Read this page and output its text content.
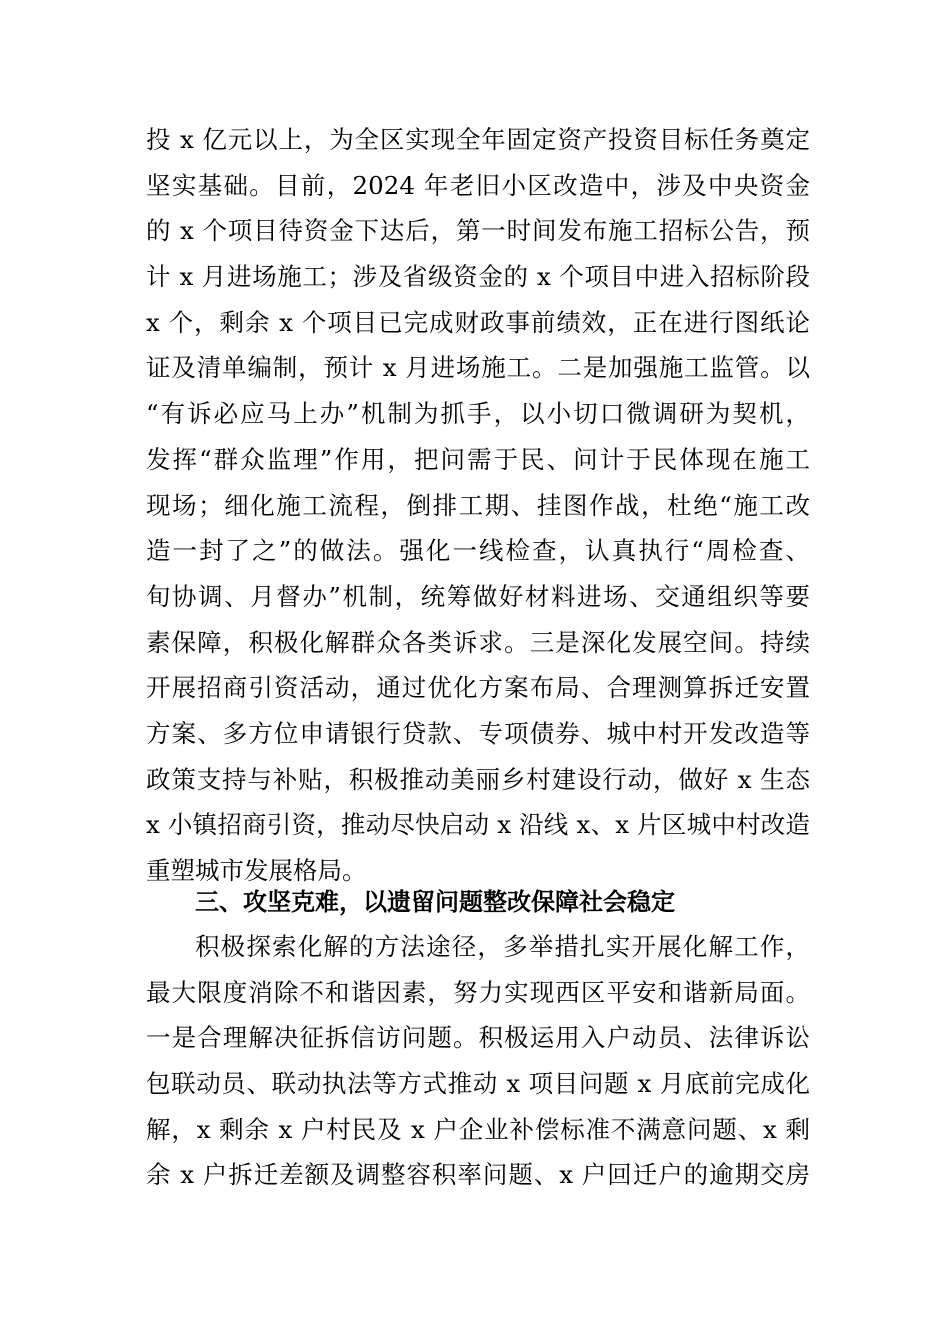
投 x 亿元以上，为全区实现全年固定资产投资目标任务奠定
坚实基础。目前，2024 年老旧小区改造中，涉及中央资金
的 x 个项目待资金下达后，第一时间发布施工招标公告，预
计 x 月进场施工；涉及省级资金的 x 个项目中进入招标阶段
x 个，剩余 x 个项目已完成财政事前绩效，正在进行图纸论
证及清单编制，预计 x 月进场施工。二是加强施工监管。以
“有诉必应马上办”机制为抓手，以小切口微调研为契机，
发挥“群众监理”作用，把问需于民、问计于民体现在施工
现场；细化施工流程，倒排工期、挂图作战，杜绝“施工改
造一封了之”的做法。强化一线检查，认真执行“周检查、
旬协调、月督办”机制，统筹做好材料进场、交通组织等要
素保障，积极化解群众各类诉求。三是深化发展空间。持续
开展招商引资活动，通过优化方案布局、合理测算拆迁安置
方案、多方位申请银行贷款、专项债券、城中村开发改造等
政策支持与补贴，积极推动美丽乡村建设行动，做好 x 生态
x 小镇招商引资，推动尽快启动 x 沿线 x、x 片区城中村改造
重塑城市发展格局。
三、攻坚克难，以遗留问题整改保障社会稳定
积极探索化解的方法途径，多举措扎实开展化解工作，
最大限度消除不和谐因素，努力实现西区平安和谐新局面。
一是合理解决征拆信访问题。积极运用入户动员、法律诉讼
包联动员、联动执法等方式推动 x 项目问题 x 月底前完成化
解，x 剩余 x 户村民及 x 户企业补偿标准不满意问题、x 剩
余 x 户拆迁差额及调整容积率问题、x 户回迁户的逾期交房
